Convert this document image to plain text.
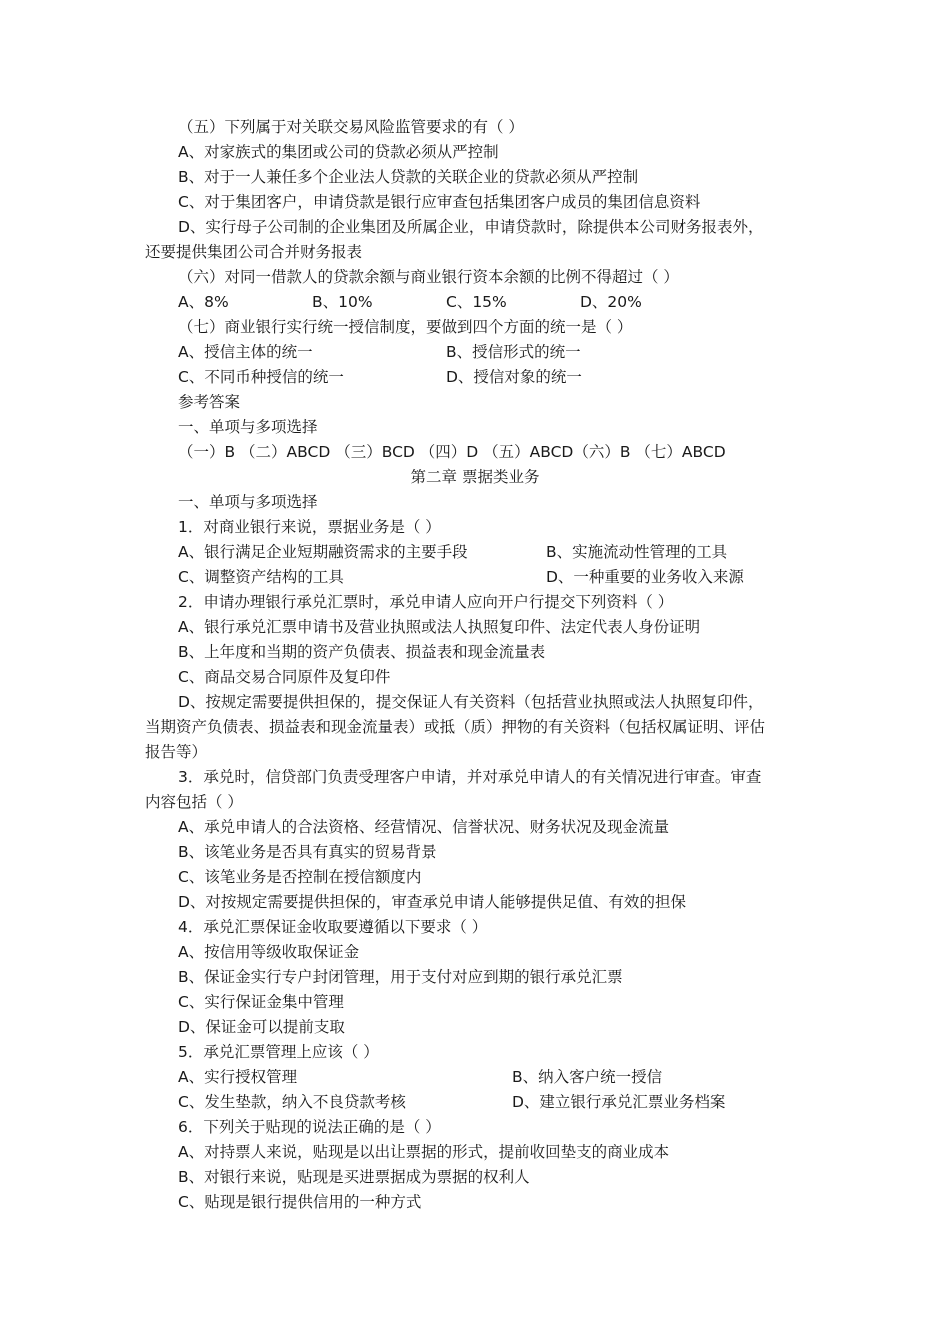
（五）下列属于对关联交易风险监管要求的有（ ）
A、对家族式的集团或公司的贷款必须从严控制
B、对于一人兼任多个企业法人贷款的关联企业的贷款必须从严控制
C、对于集团客户，申请贷款是银行应审查包括集团客户成员的集团信息资料
D、实行母子公司制的企业集团及所属企业，申请贷款时，除提供本公司财务报表外，
还要提供集团公司合并财务报表
（六）对同一借款人的贷款余额与商业银行资本余额的比例不得超过（ ）
A、8%	B、10%	C、15%	D、20%
（七）商业银行实行统一授信制度，要做到四个方面的统一是（ ）
A、授信主体的统一	B、授信形式的统一
C、不同币种授信的统一	D、授信对象的统一
参考答案
一、单项与多项选择
（一）B （二）ABCD （三）BCD （四）D （五）ABCD（六）B （七）ABCD
第二章 票据类业务
一、单项与多项选择
1．对商业银行来说，票据业务是（ ）
A、银行满足企业短期融资需求的主要手段	B、实施流动性管理的工具
C、调整资产结构的工具	D、一种重要的业务收入来源
2．申请办理银行承兑汇票时，承兑申请人应向开户行提交下列资料（ ）
A、银行承兑汇票申请书及营业执照或法人执照复印件、法定代表人身份证明
B、上年度和当期的资产负债表、损益表和现金流量表
C、商品交易合同原件及复印件
D、按规定需要提供担保的，提交保证人有关资料（包括营业执照或法人执照复印件，
当期资产负债表、损益表和现金流量表）或抵（质）押物的有关资料（包括权属证明、评估
报告等）
3．承兑时，信贷部门负责受理客户申请，并对承兑申请人的有关情况进行审查。审查
内容包括（ ）
A、承兑申请人的合法资格、经营情况、信誉状况、财务状况及现金流量
B、该笔业务是否具有真实的贸易背景
C、该笔业务是否控制在授信额度内
D、对按规定需要提供担保的，审查承兑申请人能够提供足值、有效的担保
4．承兑汇票保证金收取要遵循以下要求（ ）
A、按信用等级收取保证金
B、保证金实行专户封闭管理，用于支付对应到期的银行承兑汇票
C、实行保证金集中管理
D、保证金可以提前支取
5．承兑汇票管理上应该（ ）
A、实行授权管理	B、纳入客户统一授信
C、发生垫款，纳入不良贷款考核	D、建立银行承兑汇票业务档案
6．下列关于贴现的说法正确的是（ ）
A、对持票人来说，贴现是以出让票据的形式，提前收回垫支的商业成本
B、对银行来说，贴现是买进票据成为票据的权利人
C、贴现是银行提供信用的一种方式
